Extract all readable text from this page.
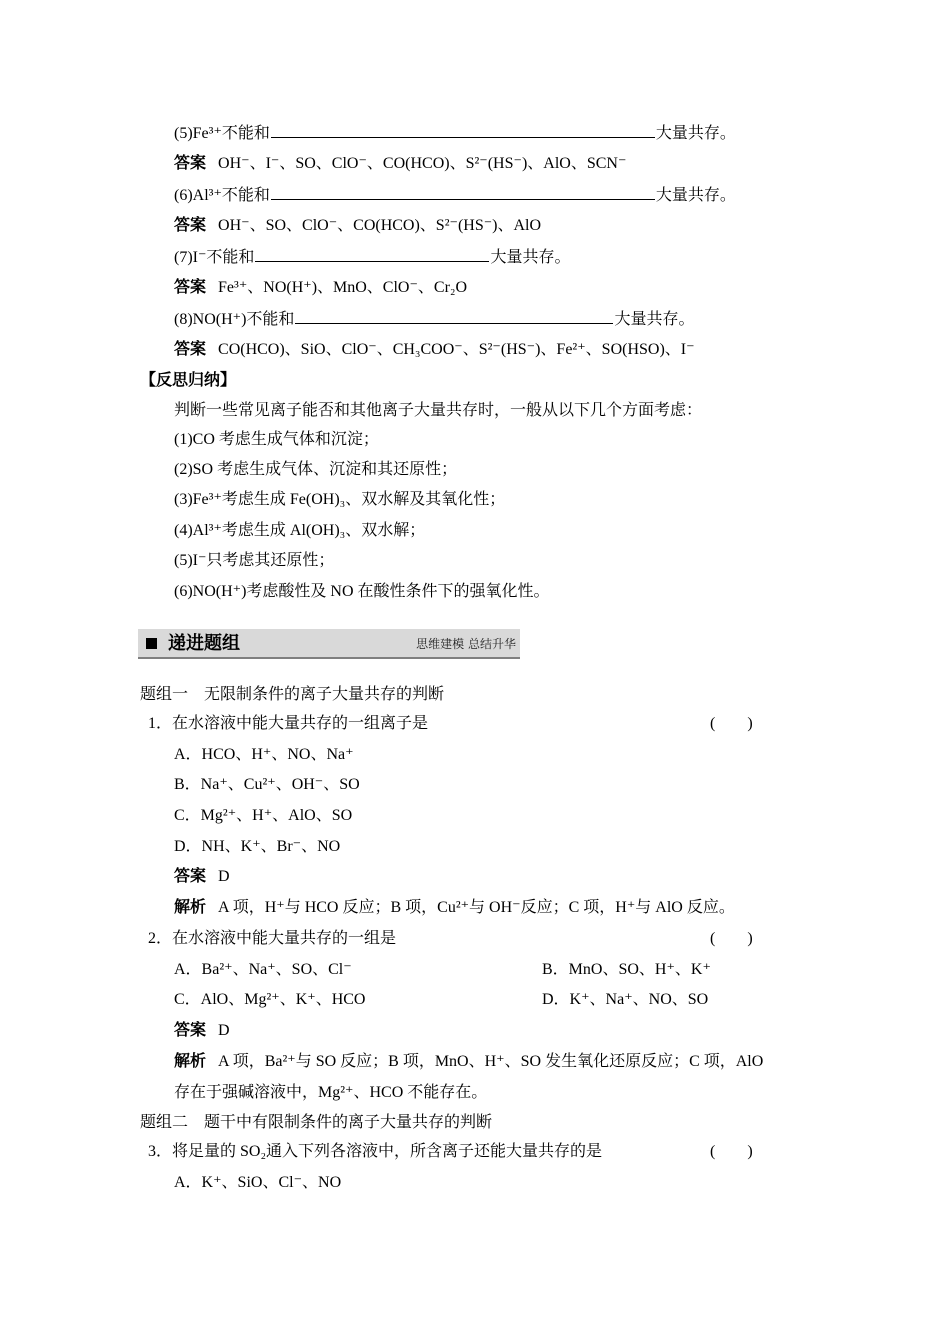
(5)Fe³⁺不能和	大量共存。
答案 OH⁻、I⁻、SO、ClO⁻、CO(HCO)、S²⁻(HS⁻)、AlO、SCN⁻
(6)Al³⁺不能和	大量共存。
答案 OH⁻、SO、ClO⁻、CO(HCO)、S²⁻(HS⁻)、AlO
(7)I⁻不能和	大量共存。
答案 Fe³⁺、NO(H⁺)、MnO、ClO⁻、Cr₂O
(8)NO(H⁺)不能和	大量共存。
答案 CO(HCO)、SiO、ClO⁻、CH₃COO⁻、S²⁻(HS⁻)、Fe²⁺、SO(HSO)、I⁻
【反思归纳】
判断一些常见离子能否和其他离子大量共存时，一般从以下几个方面考虑：
(1)CO 考虑生成气体和沉淀；
(2)SO 考虑生成气体、沉淀和其还原性；
(3)Fe³⁺考虑生成 Fe(OH)₃、双水解及其氧化性；
(4)Al³⁺考虑生成 Al(OH)₃、双水解；
(5)I⁻只考虑其还原性；
(6)NO(H⁺)考虑酸性及 NO 在酸性条件下的强氧化性。
递进题组	思维建模 总结升华
题组一　无限制条件的离子大量共存的判断
1．在水溶液中能大量共存的一组离子是	(　　)
A．HCO、H⁺、NO、Na⁺
B．Na⁺、Cu²⁺、OH⁻、SO
C．Mg²⁺、H⁺、AlO、SO
D．NH、K⁺、Br⁻、NO
答案 D
解析 A 项，H⁺与 HCO 反应；B 项，Cu²⁺与 OH⁻反应；C 项，H⁺与 AlO 反应。
2．在水溶液中能大量共存的一组是	(　　)
A．Ba²⁺、Na⁺、SO、Cl⁻	B．MnO、SO、H⁺、K⁺
C．AlO、Mg²⁺、K⁺、HCO	D．K⁺、Na⁺、NO、SO
答案 D
解析 A 项，Ba²⁺与 SO 反应；B 项，MnO、H⁺、SO 发生氧化还原反应；C 项，AlO
存在于强碱溶液中，Mg²⁺、HCO 不能存在。
题组二　题干中有限制条件的离子大量共存的判断
3．将足量的 SO₂通入下列各溶液中，所含离子还能大量共存的是	(　　)
A．K⁺、SiO、Cl⁻、NO
